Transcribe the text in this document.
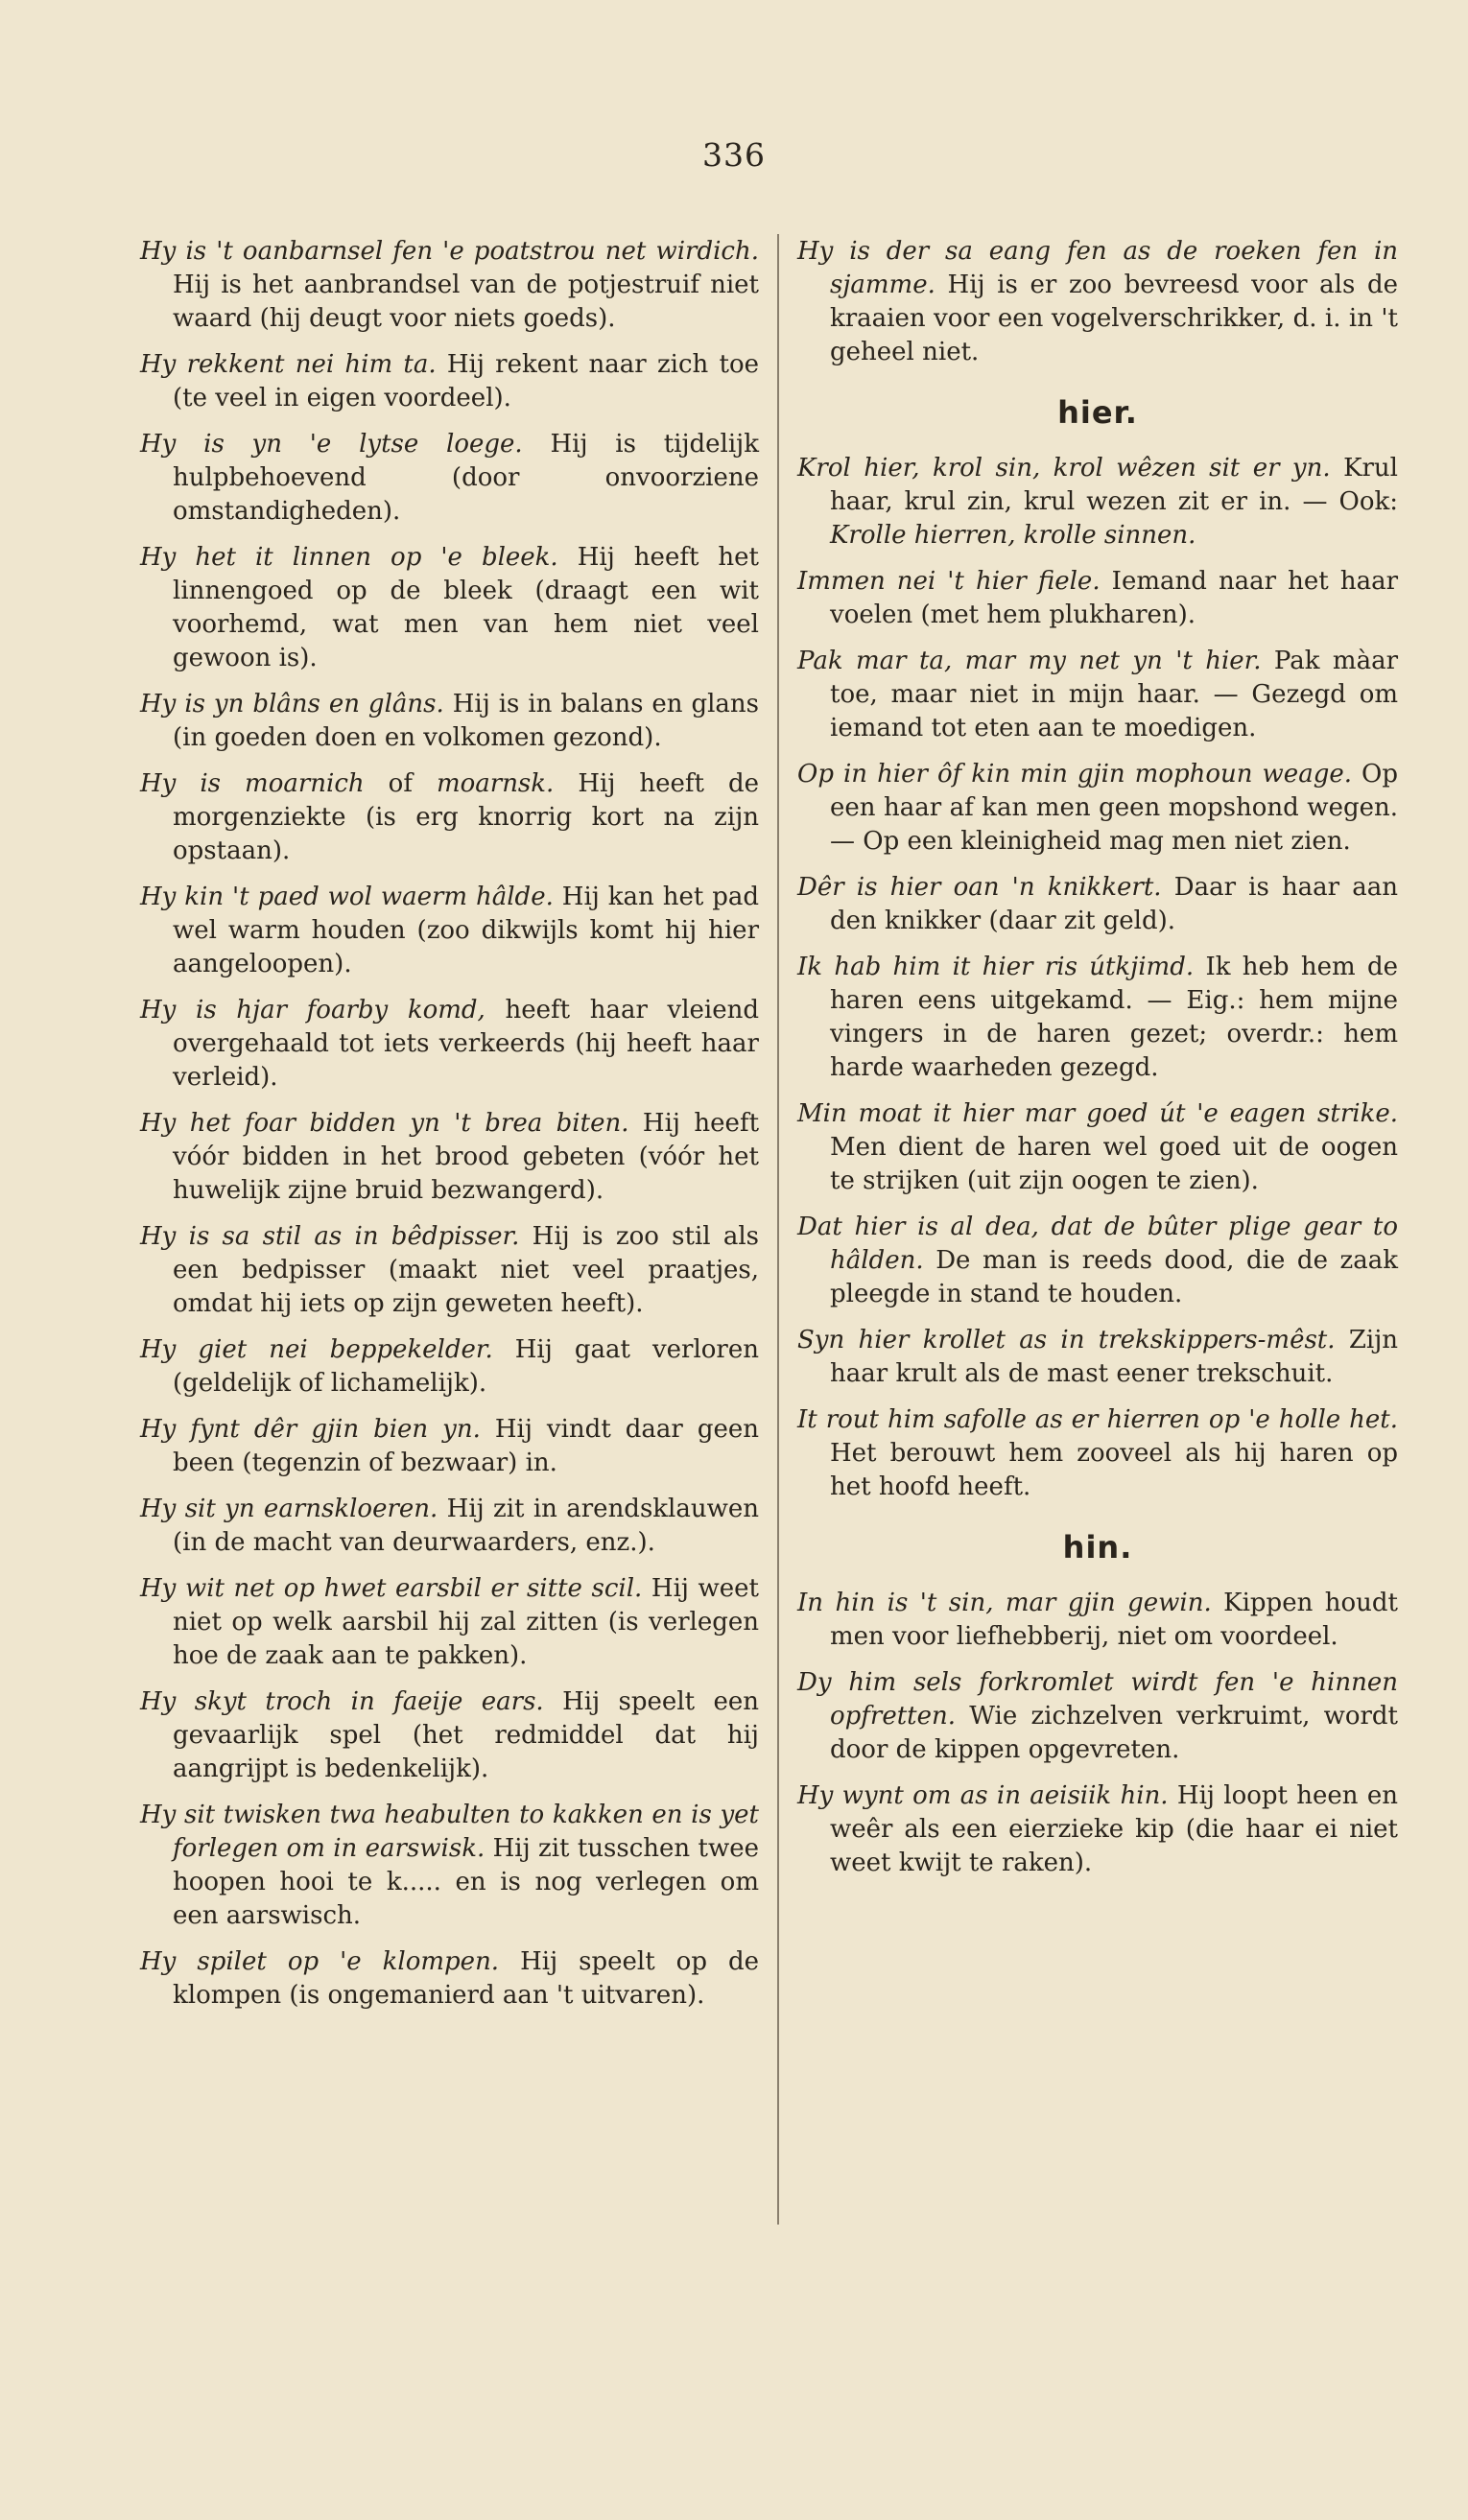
336

Hy is 't oanbarnsel fen 'e poatstrou net wirdich. Hij is het aanbrandsel van de potjestruif niet waard (hij deugt voor niets goeds).

Hy rekkent nei him ta. Hij rekent naar zich toe (te veel in eigen voordeel).

Hy is yn 'e lytse loege. Hij is tijdelijk hulpbehoevend (door onvoorziene omstandigheden).

Hy het it linnen op 'e bleek. Hij heeft het linnengoed op de bleek (draagt een wit voorhemd, wat men van hem niet veel gewoon is).

Hy is yn blâns en glâns. Hij is in balans en glans (in goeden doen en volkomen gezond).

Hy is moarnich of moarnsk. Hij heeft de morgenziekte (is erg knorrig kort na zijn opstaan).

Hy kin 't paed wol waerm hâlde. Hij kan het pad wel warm houden (zoo dikwijls komt hij hier aangeloopen).

Hy is hjar foarby komd, heeft haar vleiend overgehaald tot iets verkeerds (hij heeft haar verleid).

Hy het foar bidden yn 't brea biten. Hij heeft vóór bidden in het brood gebeten (vóór het huwelijk zijne bruid bezwangerd).

Hy is sa stil as in bêdpisser. Hij is zoo stil als een bedpisser (maakt niet veel praatjes, omdat hij iets op zijn geweten heeft).

Hy giet nei beppekelder. Hij gaat verloren (geldelijk of lichamelijk).

Hy fynt dêr gjin bien yn. Hij vindt daar geen been (tegenzin of bezwaar) in.

Hy sit yn earnskloeren. Hij zit in arendsklauwen (in de macht van deurwaarders, enz.).

Hy wit net op hwet earsbil er sitte scil. Hij weet niet op welk aarsbil hij zal zitten (is verlegen hoe de zaak aan te pakken).

Hy skyt troch in faeije ears. Hij speelt een gevaarlijk spel (het redmiddel dat hij aangrijpt is bedenkelijk).

Hy sit twisken twa heabulten to kakken en is yet forlegen om in earswisk. Hij zit tusschen twee hoopen hooi te k..... en is nog verlegen om een aarswisch.

Hy spilet op 'e klompen. Hij speelt op de klompen (is ongemanierd aan 't uitvaren).

Hy is der sa eang fen as de roeken fen in sjamme. Hij is er zoo bevreesd voor als de kraaien voor een vogelverschrikker, d. i. in 't geheel niet.

hier.

Krol hier, krol sin, krol wêzen sit er yn. Krul haar, krul zin, krul wezen zit er in. — Ook: Krolle hierren, krolle sinnen.

Immen nei 't hier fiele. Iemand naar het haar voelen (met hem plukharen).

Pak mar ta, mar my net yn 't hier. Pak màar toe, maar niet in mijn haar. — Gezegd om iemand tot eten aan te moedigen.

Op in hier ôf kin min gjin mophoun weage. Op een haar af kan men geen mopshond wegen. — Op een kleinigheid mag men niet zien.

Dêr is hier oan 'n knikkert. Daar is haar aan den knikker (daar zit geld).

Ik hab him it hier ris útkjimd. Ik heb hem de haren eens uitgekamd. — Eig.: hem mijne vingers in de haren gezet; overdr.: hem harde waarheden gezegd.

Min moat it hier mar goed út 'e eagen strike. Men dient de haren wel goed uit de oogen te strijken (uit zijn oogen te zien).

Dat hier is al dea, dat de bûter plige gear to hâlden. De man is reeds dood, die de zaak pleegde in stand te houden.

Syn hier krollet as in trekskippers-mêst. Zijn haar krult als de mast eener trekschuit.

It rout him safolle as er hierren op 'e holle het. Het berouwt hem zooveel als hij haren op het hoofd heeft.

hin.

In hin is 't sin, mar gjin gewin. Kippen houdt men voor liefhebberij, niet om voordeel.

Dy him sels forkromlet wirdt fen 'e hinnen opfretten. Wie zichzelven verkruimt, wordt door de kippen opgevreten.

Hy wynt om as in aeisiik hin. Hij loopt heen en weêr als een eierzieke kip (die haar ei niet weet kwijt te raken).
